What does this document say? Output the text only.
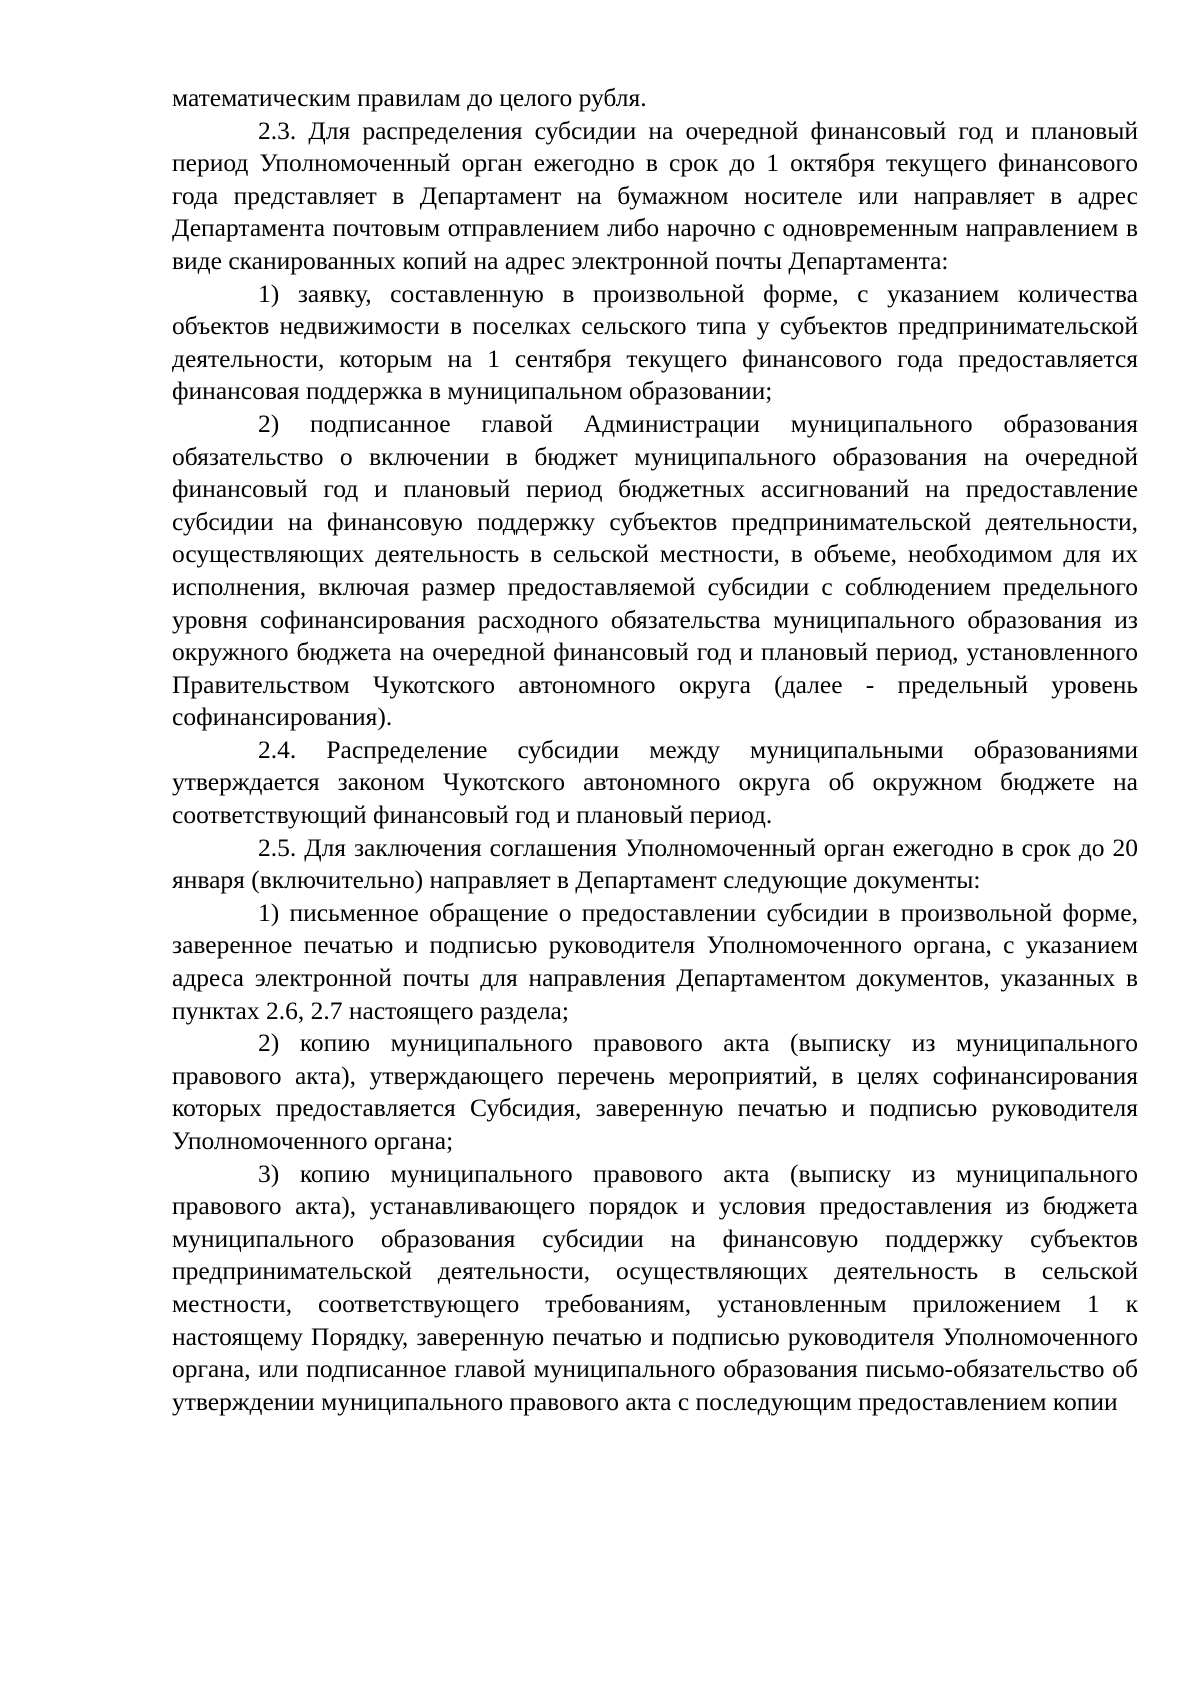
математическим правилам до целого рубля.

2.3. Для распределения субсидии на очередной финансовый год и плановый период Уполномоченный орган ежегодно в срок до 1 октября текущего финансового года представляет в Департамент на бумажном носителе или направляет в адрес Департамента почтовым отправлением либо нарочно с одновременным направлением в виде сканированных копий на адрес электронной почты Департамента:

1) заявку, составленную в произвольной форме, с указанием количества объектов недвижимости в поселках сельского типа у субъектов предпринимательской деятельности, которым на 1 сентября текущего финансового года предоставляется финансовая поддержка в муниципальном образовании;

2) подписанное главой Администрации муниципального образования обязательство о включении в бюджет муниципального образования на очередной финансовый год и плановый период бюджетных ассигнований на предоставление субсидии на финансовую поддержку субъектов предпринимательской деятельности, осуществляющих деятельность в сельской местности, в объеме, необходимом для их исполнения, включая размер предоставляемой субсидии с соблюдением предельного уровня софинансирования расходного обязательства муниципального образования из окружного бюджета на очередной финансовый год и плановый период, установленного Правительством Чукотского автономного округа (далее - предельный уровень софинансирования).

2.4. Распределение субсидии между муниципальными образованиями утверждается законом Чукотского автономного округа об окружном бюджете на соответствующий финансовый год и плановый период.

2.5. Для заключения соглашения Уполномоченный орган ежегодно в срок до 20 января (включительно) направляет в Департамент следующие документы:

1) письменное обращение о предоставлении субсидии в произвольной форме, заверенное печатью и подписью руководителя Уполномоченного органа, с указанием адреса электронной почты для направления Департаментом документов, указанных в пунктах 2.6, 2.7 настоящего раздела;

2) копию муниципального правового акта (выписку из муниципального правового акта), утверждающего перечень мероприятий, в целях софинансирования которых предоставляется Субсидия, заверенную печатью и подписью руководителя Уполномоченного органа;

3) копию муниципального правового акта (выписку из муниципального правового акта), устанавливающего порядок и условия предоставления из бюджета муниципального образования субсидии на финансовую поддержку субъектов предпринимательской деятельности, осуществляющих деятельность в сельской местности, соответствующего требованиям, установленным приложением 1 к настоящему Порядку, заверенную печатью и подписью руководителя Уполномоченного органа, или подписанное главой муниципального образования письмо-обязательство об утверждении муниципального правового акта с последующим предоставлением копии
